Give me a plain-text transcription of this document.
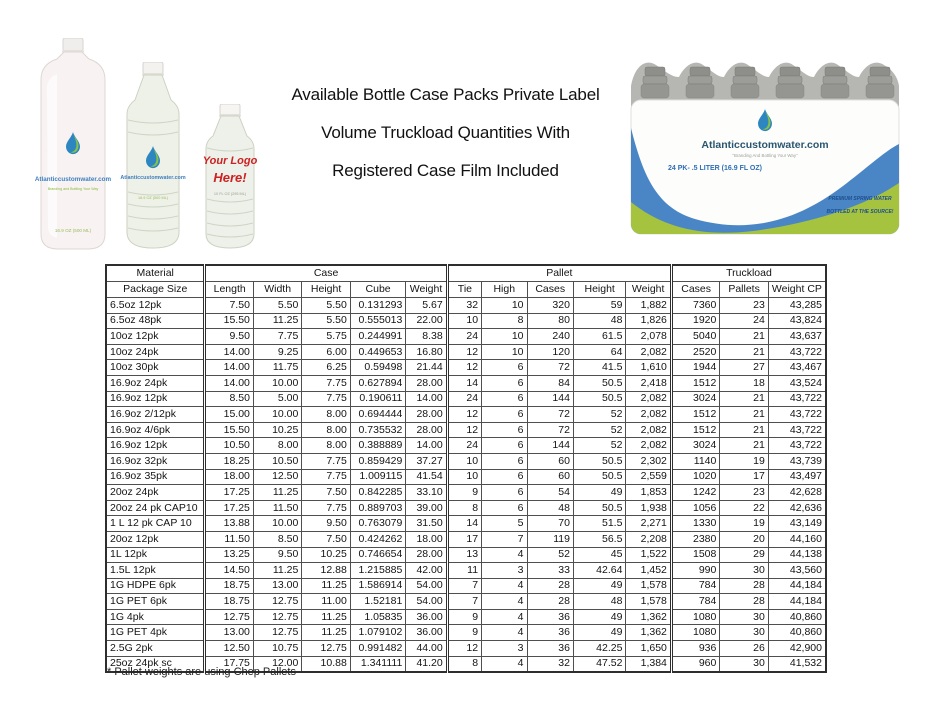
Atlanticcustomwater.com
Branding and Bottling Your Way
16.9 OZ (500 ML)
Atlanticcustomwater.com
16.9 OZ (500 ML)
Your Logo
Here!
10 FL OZ (295 ML)
Available Bottle Case Packs Private Label
Volume Truckload Quantities With
Registered Case Film Included
Atlanticcustomwater.com
"Branding And Bottling Your Way"
24 PK- .5 LITER (16.9 FL OZ)
PREMIUM SPRING WATER
BOTTLED AT THE SOURCE!
Material	Case					Pallet					Truckload		
Package Size	Length	Width	Height	Cube	Weight	Tie	High	Cases	Height	Weight	Cases	Pallets	Weight CP
6.5oz 12pk	7.50	5.50	5.50	0.131293	5.67	32	10	320	59	1,882	7360	23	43,285
6.5oz 48pk	15.50	11.25	5.50	0.555013	22.00	10	8	80	48	1,826	1920	24	43,824
10oz 12pk	9.50	7.75	5.75	0.244991	8.38	24	10	240	61.5	2,078	5040	21	43,637
10oz 24pk	14.00	9.25	6.00	0.449653	16.80	12	10	120	64	2,082	2520	21	43,722
10oz 30pk	14.00	11.75	6.25	0.59498	21.44	12	6	72	41.5	1,610	1944	27	43,467
16.9oz 24pk	14.00	10.00	7.75	0.627894	28.00	14	6	84	50.5	2,418	1512	18	43,524
16.9oz 12pk	8.50	5.00	7.75	0.190611	14.00	24	6	144	50.5	2,082	3024	21	43,722
16.9oz 2/12pk	15.00	10.00	8.00	0.694444	28.00	12	6	72	52	2,082	1512	21	43,722
16.9oz 4/6pk	15.50	10.25	8.00	0.735532	28.00	12	6	72	52	2,082	1512	21	43,722
16.9oz 12pk	10.50	8.00	8.00	0.388889	14.00	24	6	144	52	2,082	3024	21	43,722
16.9oz 32pk	18.25	10.50	7.75	0.859429	37.27	10	6	60	50.5	2,302	1140	19	43,739
16.9oz 35pk	18.00	12.50	7.75	1.009115	41.54	10	6	60	50.5	2,559	1020	17	43,497
20oz 24pk	17.25	11.25	7.50	0.842285	33.10	9	6	54	49	1,853	1242	23	42,628
20oz 24 pk CAP10	17.25	11.50	7.75	0.889703	39.00	8	6	48	50.5	1,938	1056	22	42,636
1 L 12 pk CAP 10	13.88	10.00	9.50	0.763079	31.50	14	5	70	51.5	2,271	1330	19	43,149
20oz 12pk	11.50	8.50	7.50	0.424262	18.00	17	7	119	56.5	2,208	2380	20	44,160
1L 12pk	13.25	9.50	10.25	0.746654	28.00	13	4	52	45	1,522	1508	29	44,138
1.5L 12pk	14.50	11.25	12.88	1.215885	42.00	11	3	33	42.64	1,452	990	30	43,560
1G HDPE 6pk	18.75	13.00	11.25	1.586914	54.00	7	4	28	49	1,578	784	28	44,184
1G PET 6pk	18.75	12.75	11.00	1.52181	54.00	7	4	28	48	1,578	784	28	44,184
1G 4pk	12.75	12.75	11.25	1.05835	36.00	9	4	36	49	1,362	1080	30	40,860
1G PET 4pk	13.00	12.75	11.25	1.079102	36.00	9	4	36	49	1,362	1080	30	40,860
2.5G 2pk	12.50	10.75	12.75	0.991482	44.00	12	3	36	42.25	1,650	936	26	42,900
25oz 24pk sc	17.75	12.00	10.88	1.341111	41.20	8	4	32	47.52	1,384	960	30	41,532
* Pallet weights are using Chep Pallets
